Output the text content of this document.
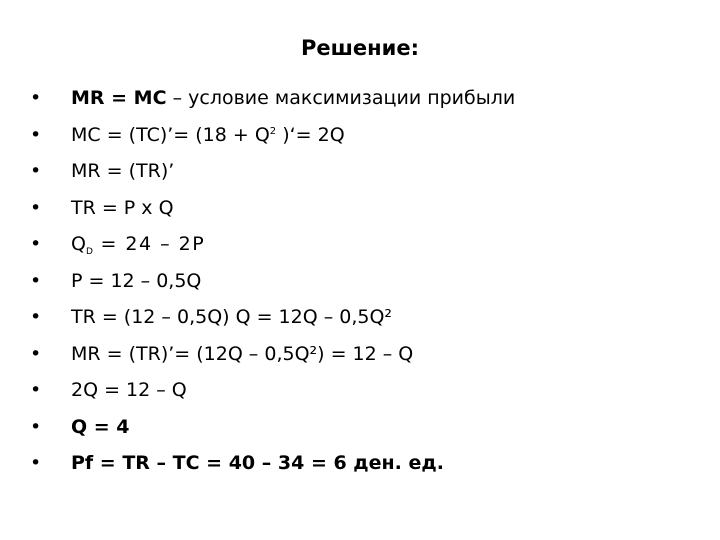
Решение:
•	MR = MC – условие максимизации прибыли
•	MC = (TC)’= ($18 + Q^2$ )‘= 2Q
•	MR = (TR)’
•	TR = P x Q
•	$Q_D = 24 - 2P$
•	P = 12 – 0,5Q
•	TR = (12 – 0,5Q) Q = 12Q – 0,5Q²
•	MR = (TR)’= (12Q – 0,5Q²) = 12 – Q
•	2Q = 12 – Q
•	Q = 4
•	Pf = TR – TC = 40 – 34 = 6 ден. ед.
